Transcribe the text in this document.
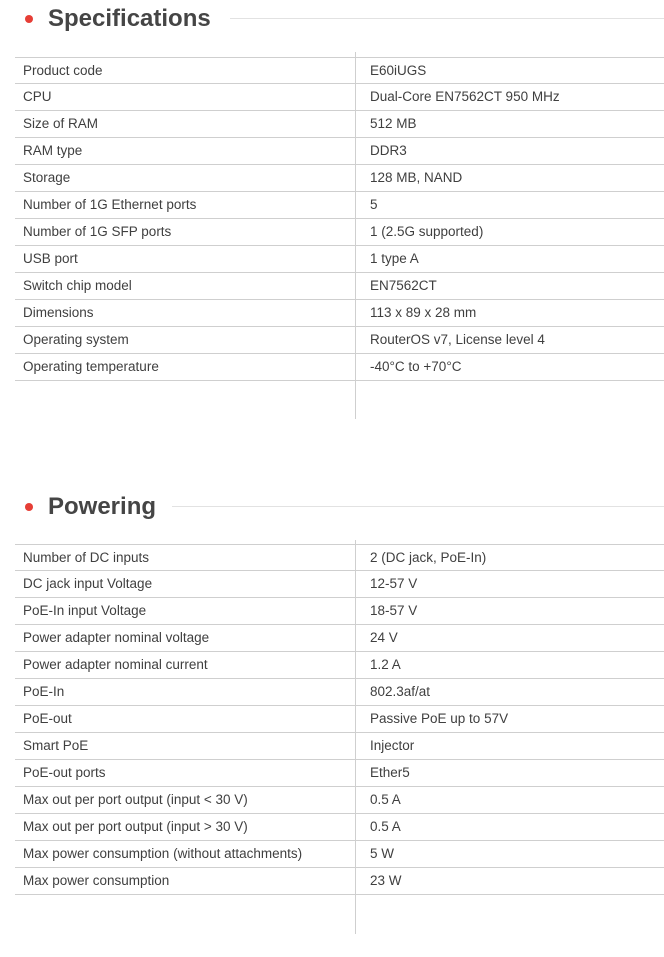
Specifications
Product code	E60iUGS
CPU	Dual-Core EN7562CT 950 MHz
Size of RAM	512 MB
RAM type	DDR3
Storage	128 MB, NAND
Number of 1G Ethernet ports	5
Number of 1G SFP ports	1 (2.5G supported)
USB port	1 type A
Switch chip model	EN7562CT
Dimensions	113 x 89 x 28 mm
Operating system	RouterOS v7, License level 4
Operating temperature	-40°C to +70°C
Powering
Number of DC inputs	2 (DC jack, PoE-In)
DC jack input Voltage	12-57 V
PoE-In input Voltage	18-57 V
Power adapter nominal voltage	24 V
Power adapter nominal current	1.2 A
PoE-In	802.3af/at
PoE-out	Passive PoE up to 57V
Smart PoE	Injector
PoE-out ports	Ether5
Max out per port output (input < 30 V)	0.5 A
Max out per port output (input > 30 V)	0.5 A
Max power consumption (without attachments)	5 W
Max power consumption	23 W
